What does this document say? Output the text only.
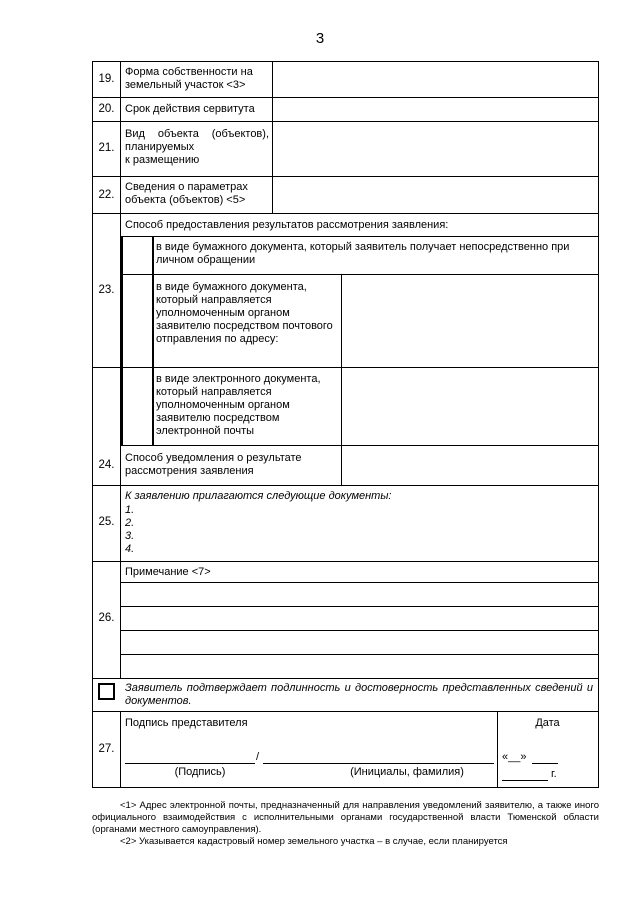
3
19.
Форма собственности на земельный участок <3>
20. Срок действия сервитута
21.
Вид объекта (объектов),
планируемых
к размещению
22.
Сведения о параметрах объекта (объектов) <5>
23.
Способ предоставления результатов рассмотрения заявления:
в виде бумажного документа, который заявитель получает непосредственно при личном обращении
в виде бумажного документа, который направляется уполномоченным органом заявителю посредством почтового отправления по адресу:
в виде электронного документа, который направляется уполномоченным органом заявителю посредством электронной почты
24.
Способ уведомления о результате рассмотрения заявления
25.
К заявлению прилагаются следующие документы:
1.
2.
3.
4.
26.
Примечание <7>
Заявитель подтверждает подлинность и достоверность представленных сведений и документов.
27.
Подпись представителя	Дата
/
(Подпись)	(Инициалы, фамилия)
«__»
г.
<1> Адрес электронной почты, предназначенный для направления уведомлений заявителю, а также иного официального взаимодействия с исполнительными органами государственной власти Тюменской области (органами местного самоуправления).
<2> Указывается кадастровый номер земельного участка – в случае, если планируется
